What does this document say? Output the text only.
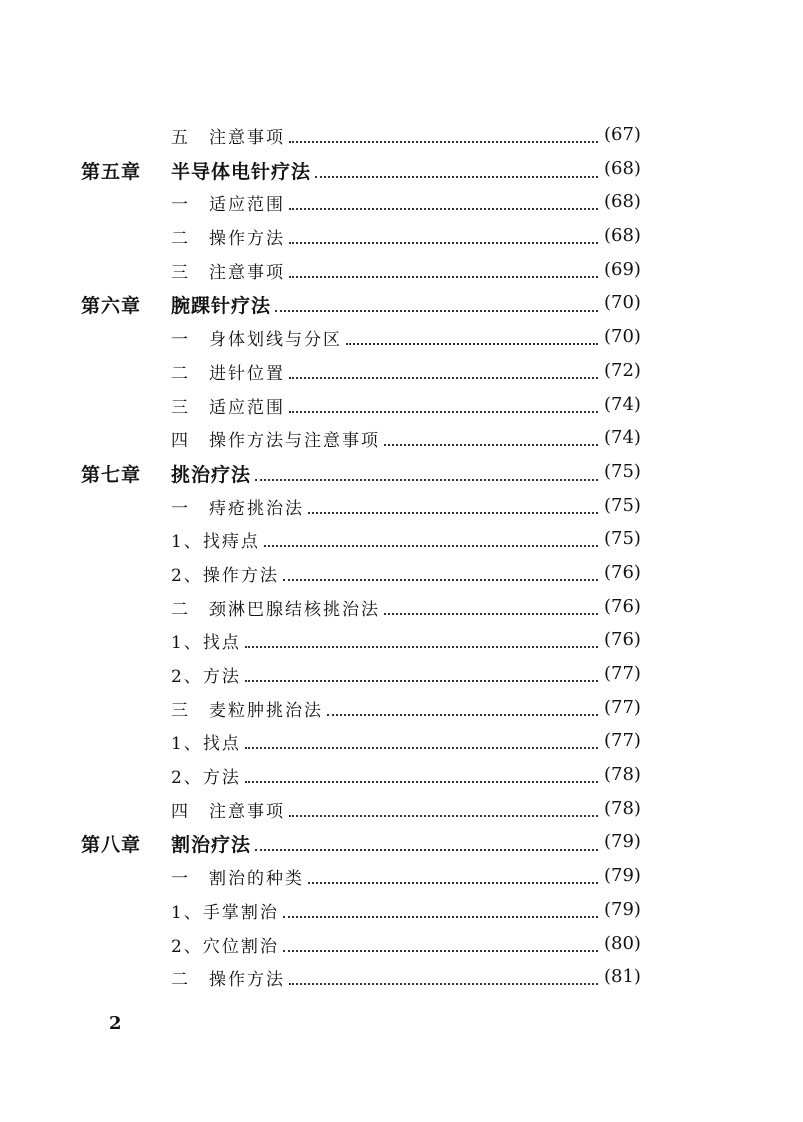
五　注意事项	(67)
第五章 半导体电针疗法	(68)
一　适应范围	(68)
二　操作方法	(68)
三　注意事项	(69)
第六章 腕踝针疗法	(70)
一　身体划线与分区	(70)
二　进针位置	(72)
三　适应范围	(74)
四　操作方法与注意事项	(74)
第七章 挑治疗法	(75)
一　痔疮挑治法	(75)
1、找痔点	(75)
2、操作方法	(76)
二　颈淋巴腺结核挑治法	(76)
1、找点	(76)
2、方法	(77)
三　麦粒肿挑治法	(77)
1、找点	(77)
2、方法	(78)
四　注意事项	(78)
第八章 割治疗法	(79)
一　割治的种类	(79)
1、手掌割治	(79)
2、穴位割治	(80)
二　操作方法	(81)
2
